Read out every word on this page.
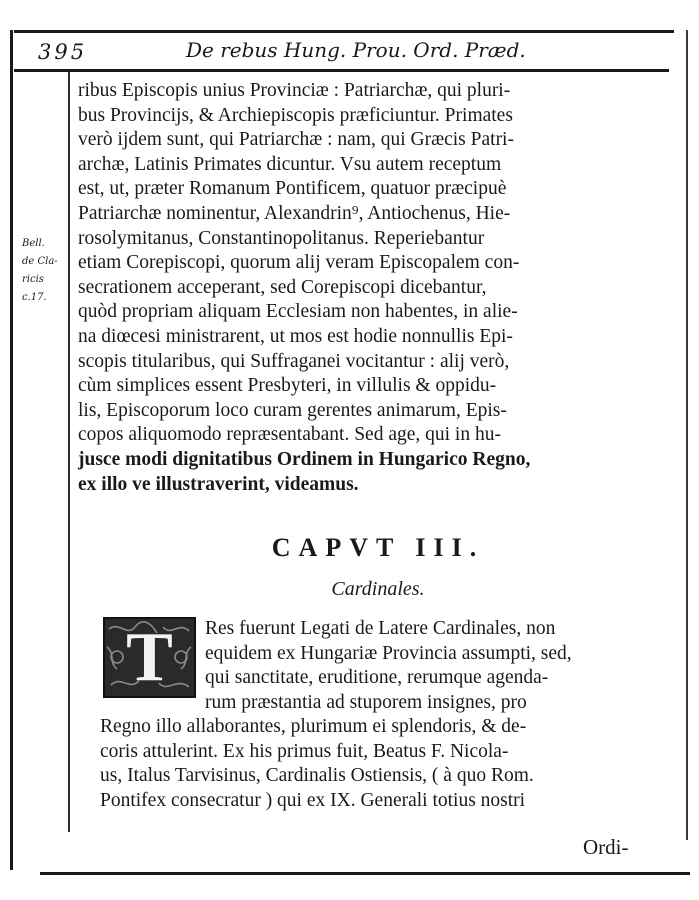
395	De rebus Hung. Prou. Ord. Præd.
Bell.
de Cla-
ricis
c.17.
ribus Episcopis unius Provinciæ : Patriarchæ, qui pluri-
bus Provincijs, & Archiepiscopis præficiuntur. Primates
verò ijdem sunt, qui Patriarchæ : nam, qui Græcis Patri-
archæ, Latinis Primates dicuntur. Vsu autem receptum
est, ut, præter Romanum Pontificem, quatuor præcipuè
Patriarchæ nominentur, Alexandrin⁹, Antiochenus, Hie-
rosolymitanus, Constantinopolitanus. Reperiebantur
etiam Corepiscopi, quorum alij veram Episcopalem con-
secrationem acceperant, sed Corepiscopi dicebantur,
quòd propriam aliquam Ecclesiam non habentes, in alie-
na diœcesi ministrarent, ut mos est hodie nonnullis Epi-
scopis titularibus, qui Suffraganei vocitantur : alij verò,
cùm simplices essent Presbyteri, in villulis & oppidu-
lis, Episcoporum loco curam gerentes animarum, Epis-
copos aliquomodo repræsentabant. Sed age, qui in hu-
jusce modi dignitatibus Ordinem in Hungarico Regno,
ex illo ve illustraverint, videamus.
CAPVT III.
Cardinales.
T	Res fuerunt Legati de Latere Cardinales, non
equidem ex Hungariæ Provincia assumpti, sed,
qui sanctitate, eruditione, rerumque agenda-
rum præstantia ad stuporem insignes, pro
Regno illo allaborantes, plurimum ei splendoris, & de-
coris attulerint. Ex his primus fuit, Beatus F. Nicola-
us, Italus Tarvisinus, Cardinalis Ostiensis, ( à quo Rom.
Pontifex consecratur ) qui ex IX. Generali totius nostri
Ordi-
